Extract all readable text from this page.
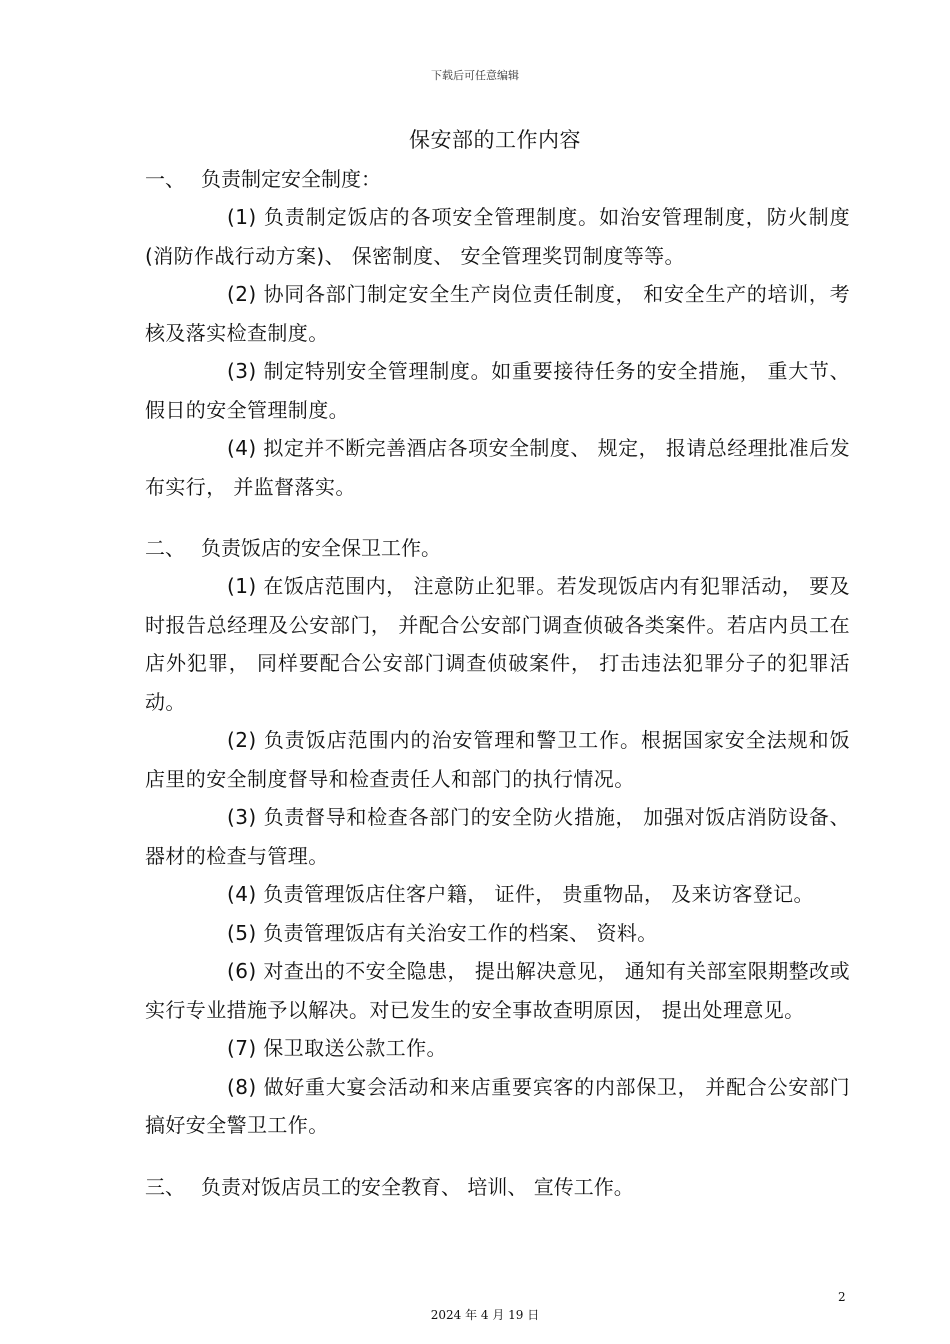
下载后可任意编辑
保安部的工作内容
一、 负责制定安全制度：

(1) 负责制定饭店的各项安全管理制度。如治安管理制度，防火制度(消防作战行动方案)、 保密制度、 安全管理奖罚制度等等。

(2) 协同各部门制定安全生产岗位责任制度， 和安全生产的培训，考核及落实检查制度。

(3) 制定特别安全管理制度。如重要接待任务的安全措施， 重大节、 假日的安全管理制度。

(4) 拟定并不断完善酒店各项安全制度、 规定， 报请总经理批准后发布实行， 并监督落实。

二、 负责饭店的安全保卫工作。

(1) 在饭店范围内， 注意防止犯罪。若发现饭店内有犯罪活动， 要及时报告总经理及公安部门， 并配合公安部门调查侦破各类案件。若店内员工在店外犯罪， 同样要配合公安部门调查侦破案件， 打击违法犯罪分子的犯罪活动。

(2) 负责饭店范围内的治安管理和警卫工作。根据国家安全法规和饭店里的安全制度督导和检查责任人和部门的执行情况。

(3) 负责督导和检查各部门的安全防火措施， 加强对饭店消防设备、 器材的检查与管理。

(4) 负责管理饭店住客户籍， 证件， 贵重物品， 及来访客登记。

(5) 负责管理饭店有关治安工作的档案、 资料。

(6) 对查出的不安全隐患， 提出解决意见， 通知有关部室限期整改或实行专业措施予以解决。对已发生的安全事故查明原因， 提出处理意见。

(7) 保卫取送公款工作。

(8) 做好重大宴会活动和来店重要宾客的内部保卫， 并配合公安部门搞好安全警卫工作。

三、 负责对饭店员工的安全教育、 培训、 宣传工作。
2
2024 年 4 月 19 日
